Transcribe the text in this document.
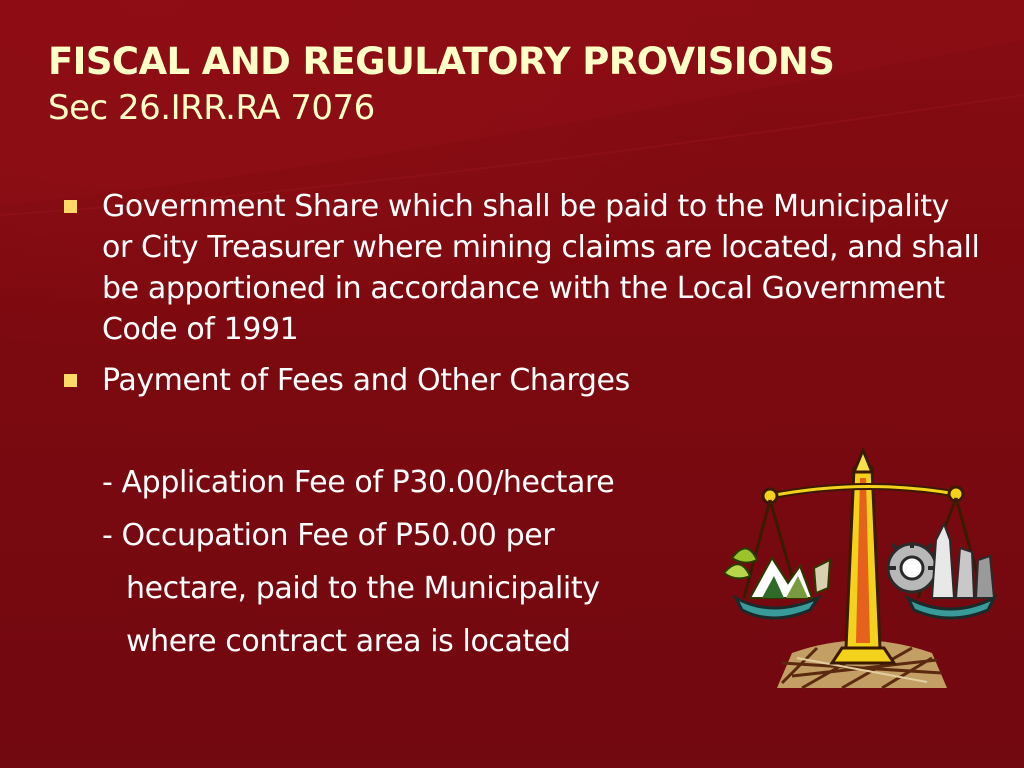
FISCAL AND REGULATORY PROVISIONS
Sec 26.IRR.RA 7076
Government Share which shall be paid to the Municipality or City Treasurer where mining claims are located, and shall be apportioned in accordance with the Local Government Code of 1991
Payment of Fees and Other Charges
- Application Fee of P30.00/hectare
- Occupation Fee of P50.00 per
hectare, paid to the Municipality
where contract area is located
